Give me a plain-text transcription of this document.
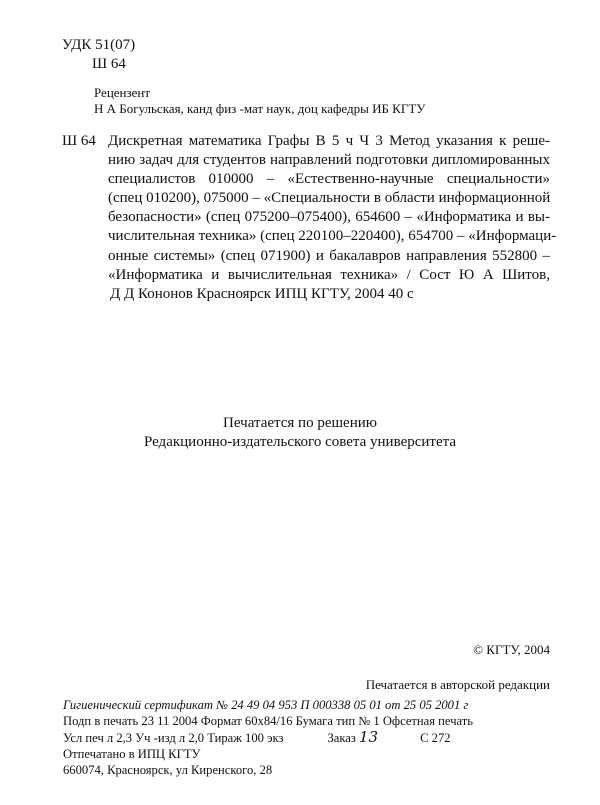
УДК 51(07)
Ш 64
Рецензент
Н А Богульская, канд физ -мат наук, доц кафедры ИБ КГТУ
Ш 64 Дискретная математика Графы В 5 ч Ч 3 Метод указания к реше-
нию задач для студентов направлений подготовки дипломированных
специалистов 010000 – «Естественно-научные специальности»
(спец 010200), 075000 – «Специальности в области информационной
безопасности» (спец 075200–075400), 654600 – «Информатика и вы-
числительная техника» (спец 220100–220400), 654700 – «Информаци-
онные системы» (спец 071900) и бакалавров направления 552800 –
«Информатика и вычислительная техника» / Сост Ю А Шитов,
Д Д Кононов Красноярск ИПЦ КГТУ, 2004 40 с
Печатается по решению
Редакционно-издательского совета университета
© КГТУ, 2004
Печатается в авторской редакции
Гигиенический сертификат № 24 49 04 953 П 000338 05 01 от 25 05 2001 г
Подп в печать 23 11 2004 Формат 60х84/16 Бумага тип № 1 Офсетная печать
Усл печ л 2,3 Уч -изд л 2,0 Тираж 100 экз	Заказ 13	С 272
Отпечатано в ИПЦ КГТУ
660074, Красноярск, ул Киренского, 28
